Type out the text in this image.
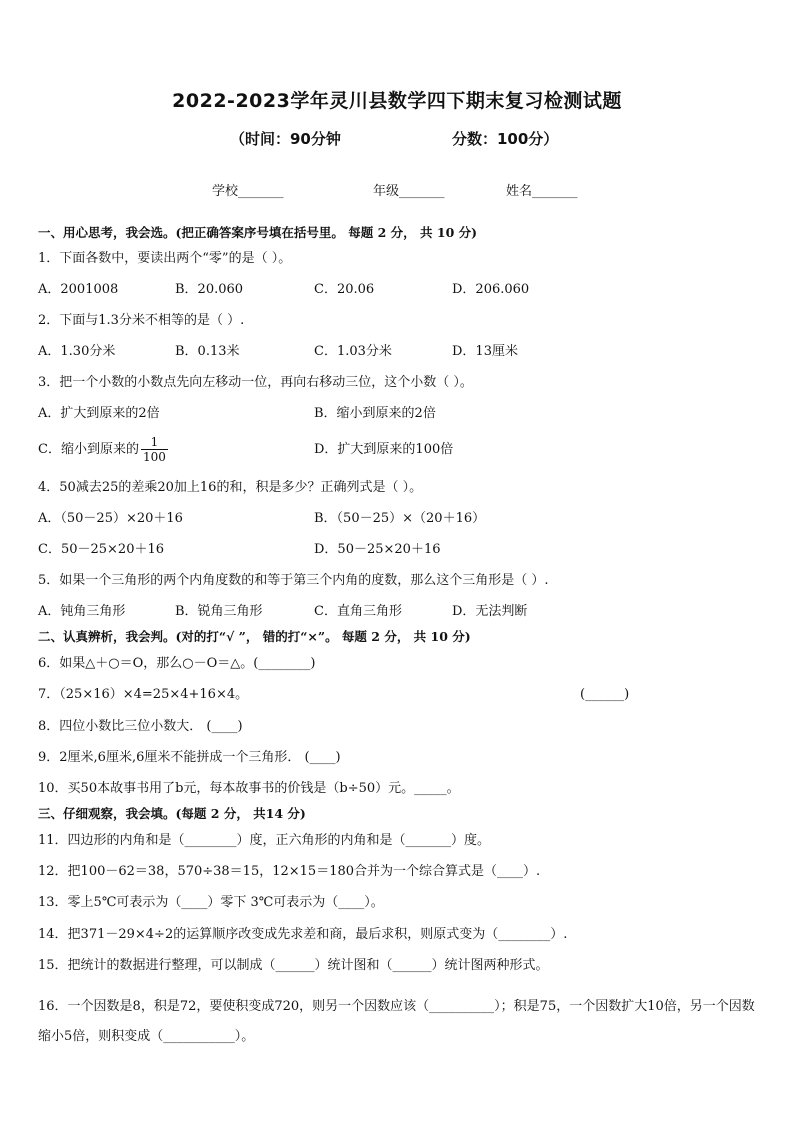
2022-2023学年灵川县数学四下期末复习检测试题
（时间：90分钟	分数：100分）
学校_______	年级_______	姓名_______
一、用心思考，我会选。(把正确答案序号填在括号里。 每题 2 分， 共 10 分)
1．下面各数中，要读出两个“零”的是（ ）。
A．2001008	B．20.060	C．20.06	D．206.060
2．下面与1.3分米不相等的是（ ）.
A．1.30分米	B．0.13米	C．1.03分米	D．13厘米
3．把一个小数的小数点先向左移动一位，再向右移动三位，这个小数（ ）。
A．扩大到原来的2倍	B．缩小到原来的2倍
C．缩小到原来的 $\frac{1}{100}$	D．扩大到原来的100倍
4．50减去25的差乘20加上16的和，积是多少？正确列式是（ ）。
A．（50－25）×20＋16	B．（50－25）×（20＋16）
C．50－25×20＋16	D．50－25×20＋16
5．如果一个三角形的两个内角度数的和等于第三个内角的度数，那么这个三角形是（ ）.
A．钝角三角形	B．锐角三角形	C．直角三角形	D．无法判断
二、认真辨析，我会判。(对的打“√ ”， 错的打“×”。 每题 2 分， 共 10 分)
6．如果△＋○＝O，那么○－O＝△。(________)
7．（25×16）×4=25×4+16×4。	(______)
8．四位小数比三位小数大． (____)
9．2厘米,6厘米,6厘米不能拼成一个三角形． (____)
10．买50本故事书用了b元，每本故事书的价钱是（b÷50）元。_____。
三、仔细观察，我会填。(每题 2 分， 共14 分)
11．四边形的内角和是（________）度，正六角形的内角和是（_______）度。
12．把100－62＝38，570÷38＝15，12×15＝180合并为一个综合算式是（____）.
13．零上5℃可表示为（____）零下 3℃可表示为（____）。
14．把371－29×4÷2的运算顺序改变成先求差和商，最后求积，则原式变为（________）.
15．把统计的数据进行整理，可以制成（______）统计图和（______）统计图两种形式。
16．一个因数是8，积是72，要使积变成720，则另一个因数应该（__________）；积是75，一个因数扩大10倍，另一个因数缩小5倍，则积变成（___________）。
